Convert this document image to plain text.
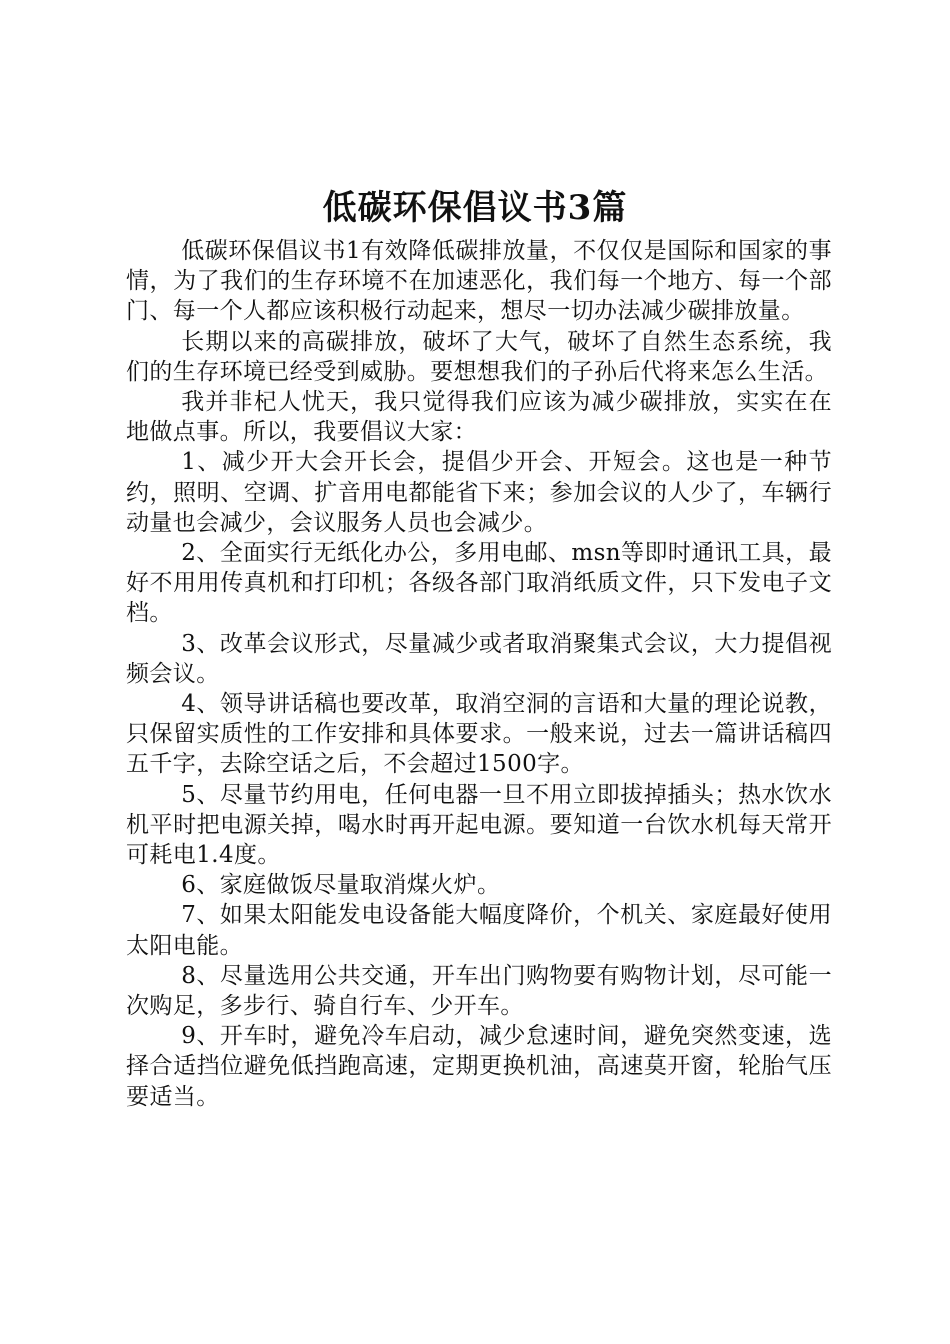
低碳环保倡议书3篇

低碳环保倡议书1有效降低碳排放量，不仅仅是国际和国家的事情，为了我们的生存环境不在加速恶化，我们每一个地方、每一个部门、每一个人都应该积极行动起来，想尽一切办法减少碳排放量。

长期以来的高碳排放，破坏了大气，破坏了自然生态系统，我们的生存环境已经受到威胁。要想想我们的子孙后代将来怎么生活。

我并非杞人忧天，我只觉得我们应该为减少碳排放，实实在在地做点事。所以，我要倡议大家：

1、减少开大会开长会，提倡少开会、开短会。这也是一种节约，照明、空调、扩音用电都能省下来；参加会议的人少了，车辆行动量也会减少，会议服务人员也会减少。

2、全面实行无纸化办公，多用电邮、msn等即时通讯工具，最好不用用传真机和打印机；各级各部门取消纸质文件，只下发电子文档。

3、改革会议形式，尽量减少或者取消聚集式会议，大力提倡视频会议。

4、领导讲话稿也要改革，取消空洞的言语和大量的理论说教，只保留实质性的工作安排和具体要求。一般来说，过去一篇讲话稿四五千字，去除空话之后，不会超过1500字。

5、尽量节约用电，任何电器一旦不用立即拔掉插头；热水饮水机平时把电源关掉，喝水时再开起电源。要知道一台饮水机每天常开可耗电1.4度。

6、家庭做饭尽量取消煤火炉。

7、如果太阳能发电设备能大幅度降价，个机关、家庭最好使用太阳电能。

8、尽量选用公共交通，开车出门购物要有购物计划，尽可能一次购足，多步行、骑自行车、少开车。

9、开车时，避免冷车启动，减少怠速时间，避免突然变速，选择合适挡位避免低挡跑高速，定期更换机油，高速莫开窗，轮胎气压要适当。
